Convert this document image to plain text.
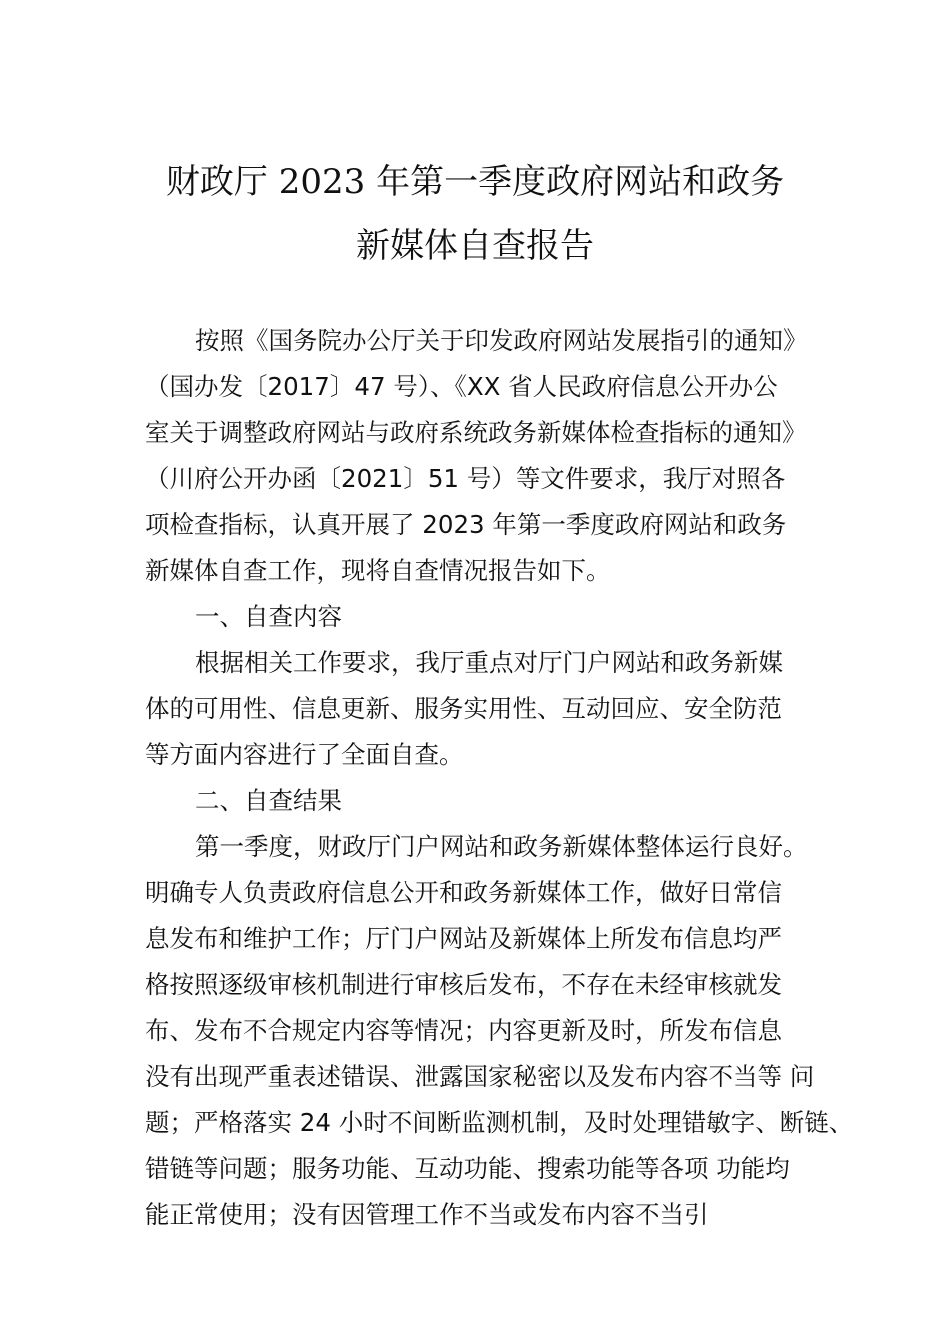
财政厅 2023 年第一季度政府网站和政务
新媒体自查报告
按照《国务院办公厅关于印发政府网站发展指引的通知》
（国办发〔2017〕47 号）、《XX 省人民政府信息公开办公
室关于调整政府网站与政府系统政务新媒体检查指标的通知》
（川府公开办函〔2021〕51 号）等文件要求，我厅对照各
项检查指标，认真开展了 2023 年第一季度政府网站和政务
新媒体自查工作，现将自查情况报告如下。
一、自查内容
根据相关工作要求，我厅重点对厅门户网站和政务新媒
体的可用性、信息更新、服务实用性、互动回应、安全防范
等方面内容进行了全面自查。
二、自查结果
第一季度，财政厅门户网站和政务新媒体整体运行良好。
明确专人负责政府信息公开和政务新媒体工作，做好日常信
息发布和维护工作；厅门户网站及新媒体上所发布信息均严
格按照逐级审核机制进行审核后发布，不存在未经审核就发
布、发布不合规定内容等情况；内容更新及时，所发布信息
没有出现严重表述错误、泄露国家秘密以及发布内容不当等 问
题；严格落实 24 小时不间断监测机制，及时处理错敏字、断链、
错链等问题；服务功能、互动功能、搜索功能等各项 功能均
能正常使用；没有因管理工作不当或发布内容不当引
